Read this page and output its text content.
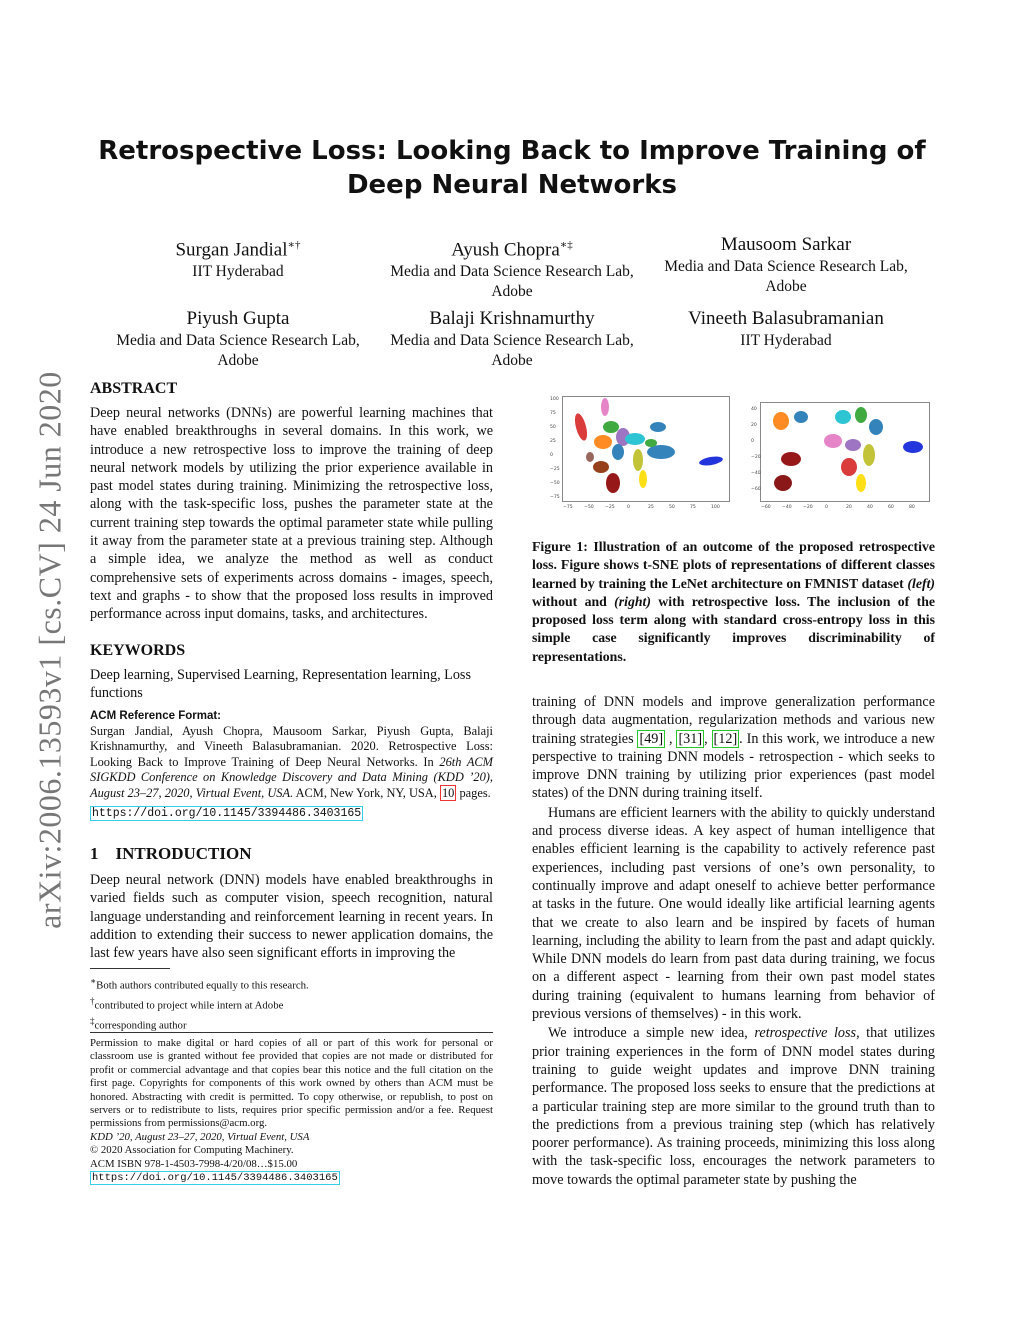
arXiv:2006.13593v1 [cs.CV] 24 Jun 2020
Retrospective Loss: Looking Back to Improve Training of Deep Neural Networks
Surgan Jandial∗†
IIT Hyderabad
Ayush Chopra∗‡
Media and Data Science Research Lab, Adobe
Mausoom Sarkar
Media and Data Science Research Lab, Adobe
Piyush Gupta
Media and Data Science Research Lab, Adobe
Balaji Krishnamurthy
Media and Data Science Research Lab, Adobe
Vineeth Balasubramanian
IIT Hyderabad
ABSTRACT
Deep neural networks (DNNs) are powerful learning machines that have enabled breakthroughs in several domains. In this work, we introduce a new retrospective loss to improve the training of deep neural network models by utilizing the prior experience available in past model states during training. Minimizing the retrospective loss, along with the task-specific loss, pushes the parameter state at the current training step towards the optimal parameter state while pulling it away from the parameter state at a previous training step. Although a simple idea, we analyze the method as well as conduct comprehensive sets of experiments across domains - images, speech, text and graphs - to show that the proposed loss results in improved performance across input domains, tasks, and architectures.
KEYWORDS
Deep learning, Supervised Learning, Representation learning, Loss functions
ACM Reference Format:
Surgan Jandial, Ayush Chopra, Mausoom Sarkar, Piyush Gupta, Balaji Krishnamurthy, and Vineeth Balasubramanian. 2020. Retrospective Loss: Looking Back to Improve Training of Deep Neural Networks. In 26th ACM SIGKDD Conference on Knowledge Discovery and Data Mining (KDD ’20), August 23–27, 2020, Virtual Event, USA. ACM, New York, NY, USA, 10 pages.
https://doi.org/10.1145/3394486.3403165
1 INTRODUCTION
Deep neural network (DNN) models have enabled breakthroughs in varied fields such as computer vision, speech recognition, natural language understanding and reinforcement learning in recent years. In addition to extending their success to newer application domains, the last few years have also seen significant efforts in improving the
∗Both authors contributed equally to this research.
†contributed to project while intern at Adobe
‡corresponding author
Permission to make digital or hard copies of all or part of this work for personal or classroom use is granted without fee provided that copies are not made or distributed for profit or commercial advantage and that copies bear this notice and the full citation on the first page. Copyrights for components of this work owned by others than ACM must be honored. Abstracting with credit is permitted. To copy otherwise, or republish, to post on servers or to redistribute to lists, requires prior specific permission and/or a fee. Request permissions from permissions@acm.org.
KDD ’20, August 23–27, 2020, Virtual Event, USA
© 2020 Association for Computing Machinery.
ACM ISBN 978-1-4503-7998-4/20/08…$15.00
https://doi.org/10.1145/3394486.3403165
100
75
50
25
0
−25
−50
−75
−75 −50 −25	0	25	50	75	100
40
20
0
−20
−40
−60
−60 −40 −20	0	20	40	60	80
Figure 1: Illustration of an outcome of the proposed retrospective loss. Figure shows t-SNE plots of representations of different classes learned by training the LeNet architecture on FMNIST dataset (left) without and (right) with retrospective loss. The inclusion of the proposed loss term along with standard cross-entropy loss in this simple case significantly improves discriminability of representations.
training of DNN models and improve generalization performance through data augmentation, regularization methods and various new training strategies [49] , [31] , [12] . In this work, we introduce a new perspective to training DNN models - retrospection - which seeks to improve DNN training by utilizing prior experiences (past model states) of the DNN during training itself.
Humans are efficient learners with the ability to quickly understand and process diverse ideas. A key aspect of human intelligence that enables efficient learning is the capability to actively reference past experiences, including past versions of one’s own personality, to continually improve and adapt oneself to achieve better performance at tasks in the future. One would ideally like artificial learning agents that we create to also learn and be inspired by facets of human learning, including the ability to learn from the past and adapt quickly. While DNN models do learn from past data during training, we focus on a different aspect - learning from their own past model states during training (equivalent to humans learning from behavior of previous versions of themselves) - in this work.
We introduce a simple new idea, retrospective loss, that utilizes prior training experiences in the form of DNN model states during training to guide weight updates and improve DNN training performance. The proposed loss seeks to ensure that the predictions at a particular training step are more similar to the ground truth than to the predictions from a previous training step (which has relatively poorer performance). As training proceeds, minimizing this loss along with the task-specific loss, encourages the network parameters to move towards the optimal parameter state by pushing the
